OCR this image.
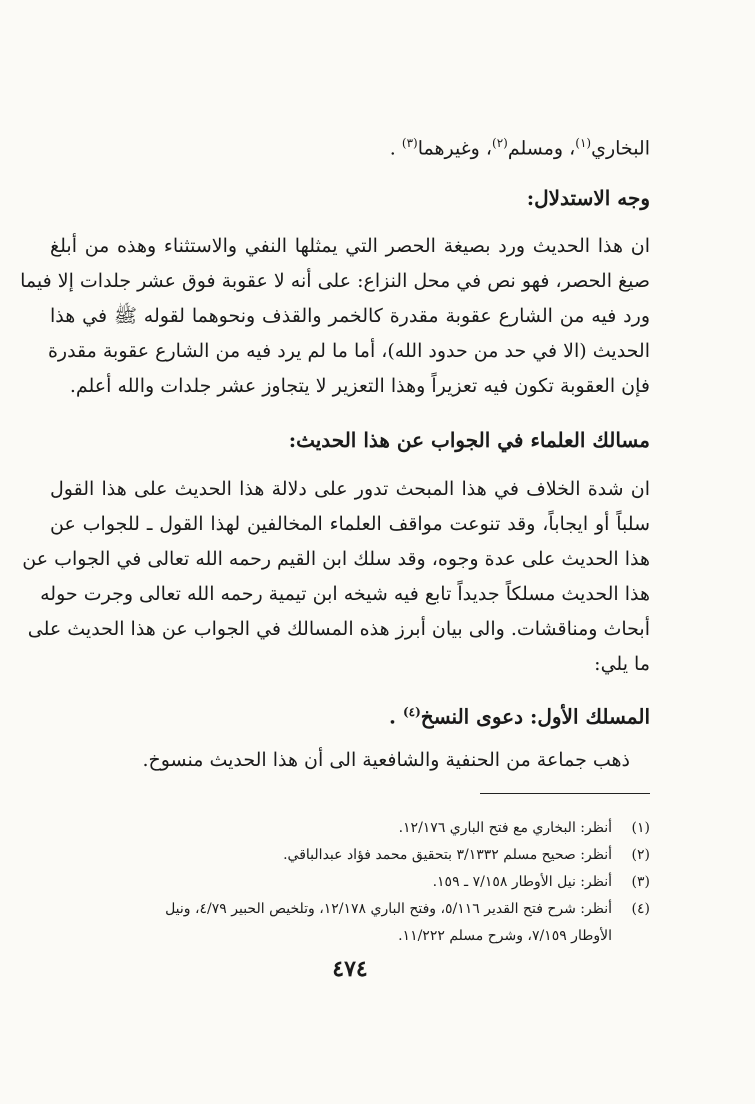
البخاري$^{(١)}$، ومسلم$^{(٢)}$، وغيرهما$^{(٣)}$ .
وجه الاستدلال:
ان هذا الحديث ورد بصيغة الحصر التي يمثلها النفي والاستثناء وهذه من أبلغ
صيغ الحصر، فهو نص في محل النزاع: على أنه لا عقوبة فوق عشر جلدات إلا فيما
ورد فيه من الشارع عقوبة مقدرة كالخمر والقذف ونحوهما لقوله ﷺ في هذا
الحديث (الا في حد من حدود الله)، أما ما لم يرد فيه من الشارع عقوبة مقدرة
فإن العقوبة تكون فيه تعزيراً وهذا التعزير لا يتجاوز عشر جلدات والله أعلم.
مسالك العلماء في الجواب عن هذا الحديث:
ان شدة الخلاف في هذا المبحث تدور على دلالة هذا الحديث على هذا القول
سلباً أو ايجاباً، وقد تنوعت مواقف العلماء المخالفين لهذا القول ـ للجواب عن
هذا الحديث على عدة وجوه، وقد سلك ابن القيم رحمه الله تعالى في الجواب عن
هذا الحديث مسلكاً جديداً تابع فيه شيخه ابن تيمية رحمه الله تعالى وجرت حوله
أبحاث ومناقشات. والى بيان أبرز هذه المسالك في الجواب عن هذا الحديث على
ما يلي:
المسلك الأول: دعوى النسخ$^{(٤)}$ .
ذهب جماعة من الحنفية والشافعية الى أن هذا الحديث منسوخ.
(١)أنظر: البخاري مع فتح الباري ١٢/١٧٦.
(٢)أنظر: صحيح مسلم ٣/١٣٣٢ بتحقيق محمد فؤاد عبدالباقي.
(٣)أنظر: نيل الأوطار ٧/١٥٨ ـ ١٥٩.
(٤)أنظر: شرح فتح القدير ٥/١١٦، وفتح الباري ١٢/١٧٨، وتلخيص الحبير ٤/٧٩، ونيل
الأوطار ٧/١٥٩، وشرح مسلم ١١/٢٢٢.
٤٧٤
